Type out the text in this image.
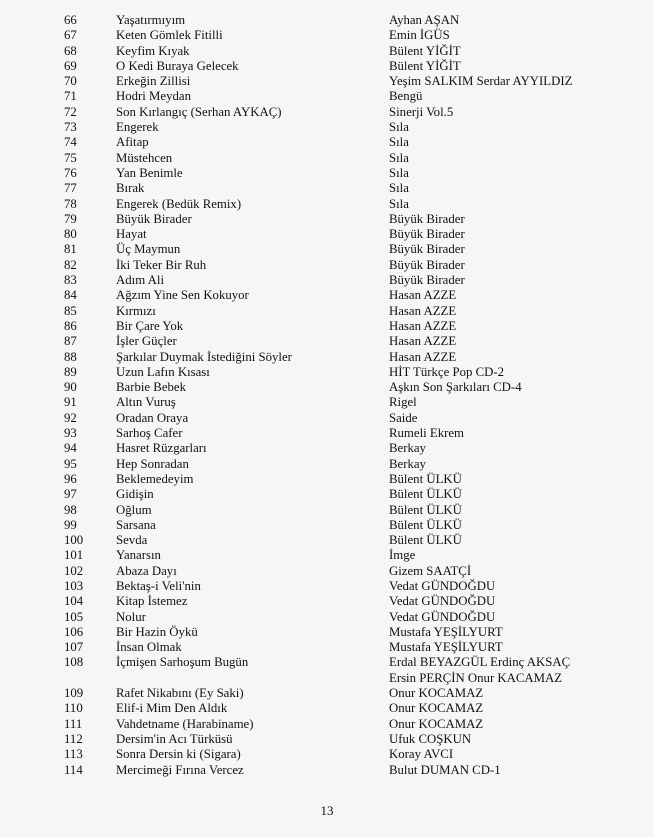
66	Yaşatırmıyım	Ayhan AŞAN
67	Keten Gömlek Fitilli	Emin İGÜS
68	Keyfim Kıyak	Bülent YİĞİT
69	O Kedi Buraya Gelecek	Bülent YİĞİT
70	Erkeğin Zillisi	Yeşim SALKIM Serdar AYYILDIZ
71	Hodri Meydan	Bengü
72	Son Kırlangıç (Serhan AYKAÇ)	Sinerji Vol.5
73	Engerek	Sıla
74	Afitap	Sıla
75	Müstehcen	Sıla
76	Yan Benimle	Sıla
77	Bırak	Sıla
78	Engerek (Bedük Remix)	Sıla
79	Büyük Birader	Büyük Birader
80	Hayat	Büyük Birader
81	Üç Maymun	Büyük Birader
82	İki Teker Bir Ruh	Büyük Birader
83	Adım Ali	Büyük Birader
84	Ağzım Yine Sen Kokuyor	Hasan AZZE
85	Kırmızı	Hasan AZZE
86	Bir Çare Yok	Hasan AZZE
87	İşler Güçler	Hasan AZZE
88	Şarkılar Duymak İstediğini Söyler	Hasan AZZE
89	Uzun Lafın Kısası	HİT Türkçe Pop CD-2
90	Barbie Bebek	Aşkın Son Şarkıları CD-4
91	Altın Vuruş	Rigel
92	Oradan Oraya	Saide
93	Sarhoş Cafer	Rumeli Ekrem
94	Hasret Rüzgarları	Berkay
95	Hep Sonradan	Berkay
96	Beklemedeyim	Bülent ÜLKÜ
97	Gidişin	Bülent ÜLKÜ
98	Oğlum	Bülent ÜLKÜ
99	Sarsana	Bülent ÜLKÜ
100	Sevda	Bülent ÜLKÜ
101	Yanarsın	İmge
102	Abaza Dayı	Gizem SAATÇİ
103	Bektaş-i Veli'nin	Vedat GÜNDOĞDU
104	Kitap İstemez	Vedat GÜNDOĞDU
105	Nolur	Vedat GÜNDOĞDU
106	Bir Hazin Öykü	Mustafa YEŞİLYURT
107	İnsan Olmak	Mustafa YEŞİLYURT
108	İçmişen Sarhoşum Bugün	Erdal BEYAZGÜL Erdinç AKSAÇ
Ersin PERÇİN Onur KACAMAZ
109	Rafet Nikabını (Ey Saki)	Onur KOCAMAZ
110	Elif-i Mim Den Aldık	Onur KOCAMAZ
111	Vahdetname (Harabiname)	Onur KOCAMAZ
112	Dersim'in Acı Türküsü	Ufuk COŞKUN
113	Sonra Dersin ki (Sigara)	Koray AVCI
114	Mercimeği Fırına Vercez	Bulut DUMAN CD-1
13
